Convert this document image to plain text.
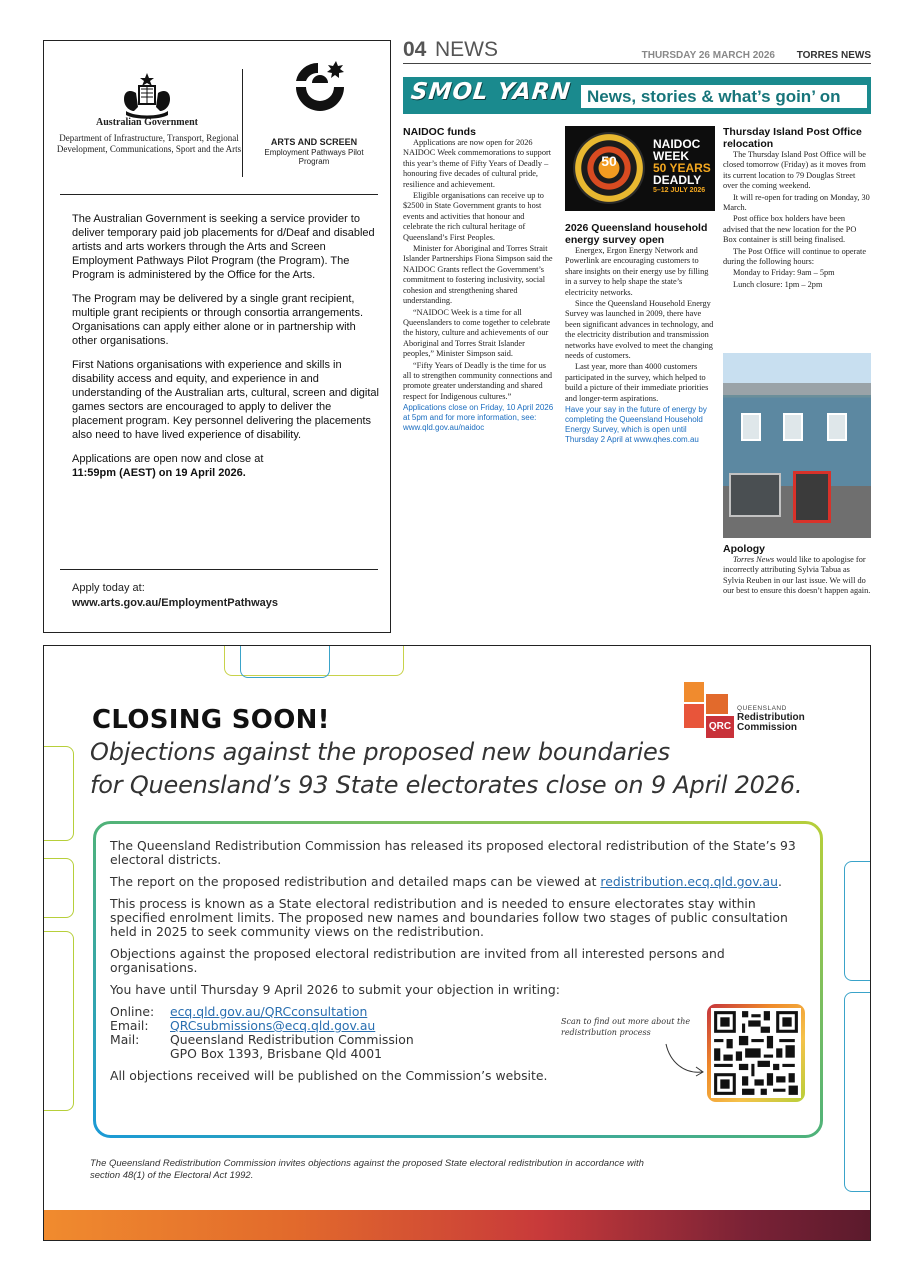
Australian Government
Department of Infrastructure, Transport, Regional Development, Communications, Sport and the Arts
ARTS AND SCREEN
Employment Pathways Pilot Program

The Australian Government is seeking a service provider to deliver temporary paid job placements for d/Deaf and disabled artists and arts workers through the Arts and Screen Employment Pathways Pilot Program (the Program). The Program is administered by the Office for the Arts.

The Program may be delivered by a single grant recipient, multiple grant recipients or through consortia arrangements. Organisations can apply either alone or in partnership with other organisations.

First Nations organisations with experience and skills in disability access and equity, and experience in and understanding of the Australian arts, cultural, screen and digital games sectors are encouraged to apply to deliver the placement program. Key personnel delivering the placements also need to have lived experience of disability.

Applications are open now and close at
11:59pm (AEST) on 19 April 2026.

Apply today at:
www.arts.gov.au/EmploymentPathways
04 NEWS	THURSDAY 26 MARCH 2026 TORRES NEWS
SMOL YARN News, stories & what’s goin’ on
NAIDOC funds

Applications are now open for 2026 NAIDOC Week commemorations to support this year’s theme of Fifty Years of Deadly – honouring five decades of cultural pride, resilience and achievement.

Eligible organisations can receive up to $2500 in State Government grants to host events and activities that honour and celebrate the rich cultural heritage of Queensland’s First Peoples.

Minister for Aboriginal and Torres Strait Islander Partnerships Fiona Simpson said the NAIDOC Grants reflect the Government’s commitment to fostering inclusivity, social cohesion and strengthening shared understanding.

“NAIDOC Week is a time for all Queenslanders to come together to celebrate the history, culture and achievements of our Aboriginal and Torres Strait Islander peoples,” Minister Simpson said.

“Fifty Years of Deadly is the time for us all to strengthen community connections and promote greater understanding and shared respect for Indigenous cultures.”

Applications close on Friday, 10 April 2026 at 5pm and for more information, see: www.qld.gov.au/naidoc
50
NAIDOC
WEEK
50 YEARS
DEADLY
5–12 JULY 2026
2026 Queensland household energy survey open

Energex, Ergon Energy Network and Powerlink are encouraging customers to share insights on their energy use by filling in a survey to help shape the state’s electricity networks.

Since the Queensland Household Energy Survey was launched in 2009, there have been significant advances in technology, and the electricity distribution and transmission networks have evolved to meet the changing needs of customers.

Last year, more than 4000 customers participated in the survey, which helped to build a picture of their immediate priorities and longer-term aspirations.

Have your say in the future of energy by completing the Queensland Household Energy Survey, which is open until Thursday 2 April at www.qhes.com.au
Thursday Island Post Office relocation

The Thursday Island Post Office will be closed tomorrow (Friday) as it moves from its current location to 79 Douglas Street over the coming weekend.

It will re-open for trading on Monday, 30 March.

Post office box holders have been advised that the new location for the PO Box container is still being finalised.

The Post Office will continue to operate during the following hours:

Monday to Friday: 9am – 5pm

Lunch closure: 1pm – 2pm

Apology

Torres News would like to apologise for incorrectly attributing Sylvia Tabua as Sylvia Reuben in our last issue. We will do our best to ensure this doesn’t happen again.

QRC
QUEENSLAND
Redistribution
Commission
CLOSING SOON!
Objections against the proposed new boundaries
for Queensland’s 93 State electorates close on 9 April 2026.

The Queensland Redistribution Commission has released its proposed electoral redistribution of the State’s 93 electoral districts.

The report on the proposed redistribution and detailed maps can be viewed at redistribution.ecq.qld.gov.au.

This process is known as a State electoral redistribution and is needed to ensure electorates stay within specified enrolment limits. The proposed new names and boundaries follow two stages of public consultation held in 2025 to seek community views on the redistribution.

Objections against the proposed electoral redistribution are invited from all interested persons and organisations.

You have until Thursday 9 April 2026 to submit your objection in writing:

Online:	ecq.qld.gov.au/QRCconsultation
Email:	QRCsubmissions@ecq.qld.gov.au
Mail:	Queensland Redistribution Commission
GPO Box 1393, Brisbane Qld 4001

All objections received will be published on the Commission’s website.

Scan to find out more about the redistribution process
The Queensland Redistribution Commission invites objections against the proposed State electoral redistribution in accordance with section 48(1) of the Electoral Act 1992.
